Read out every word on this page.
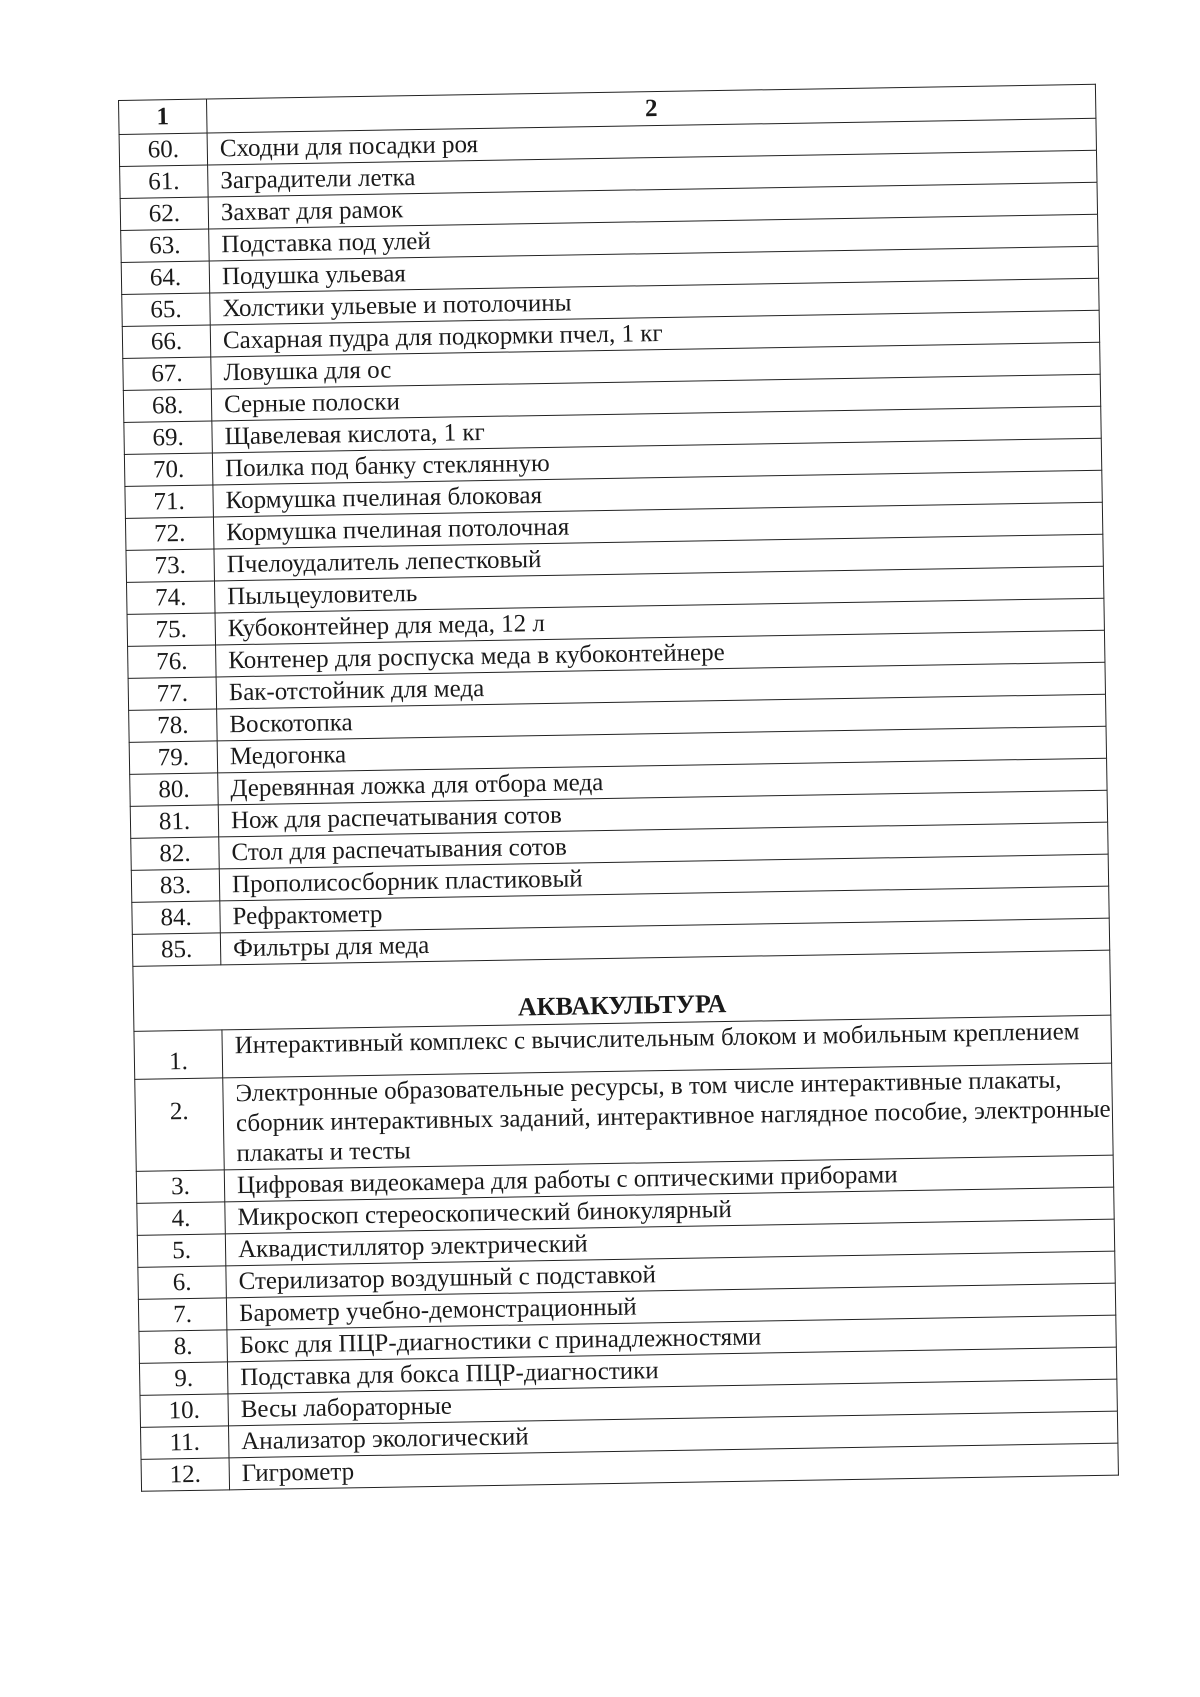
1	2
60.	Сходни для посадки роя
61.	Заградители летка
62.	Захват для рамок
63.	Подставка под улей
64.	Подушка ульевая
65.	Холстики ульевые и потолочины
66.	Сахарная пудра для подкормки пчел, 1 кг
67.	Ловушка для ос
68.	Серные полоски
69.	Щавелевая кислота, 1 кг
70.	Поилка под банку стеклянную
71.	Кормушка пчелиная блоковая
72.	Кормушка пчелиная потолочная
73.	Пчелоудалитель лепестковый
74.	Пыльцеуловитель
75.	Кубоконтейнер для меда, 12 л
76.	Контенер для роспуска меда в кубоконтейнере
77.	Бак-отстойник для меда
78.	Воскотопка
79.	Медогонка
80.	Деревянная ложка для отбора меда
81.	Нож для распечатывания сотов
82.	Стол для распечатывания сотов
83.	Прополисосборник пластиковый
84.	Рефрактометр
85.	Фильтры для меда
АКВАКУЛЬТУРА	
1.	Интерактивный комплекс с вычислительным блоком и мобильным креплением
2.	Электронные образовательные ресурсы, в том числе интерактивные плакаты, сборник интерактивных заданий, интерактивное наглядное пособие, электронные плакаты и тесты
3.	Цифровая видеокамера для работы с оптическими приборами
4.	Микроскоп стереоскопический бинокулярный
5.	Аквадистиллятор электрический
6.	Стерилизатор воздушный с подставкой
7.	Барометр учебно-демонстрационный
8.	Бокс для ПЦР-диагностики с принадлежностями
9.	Подставка для бокса ПЦР-диагностики
10.	Весы лабораторные
11.	Анализатор экологический
12.	Гигрометр
